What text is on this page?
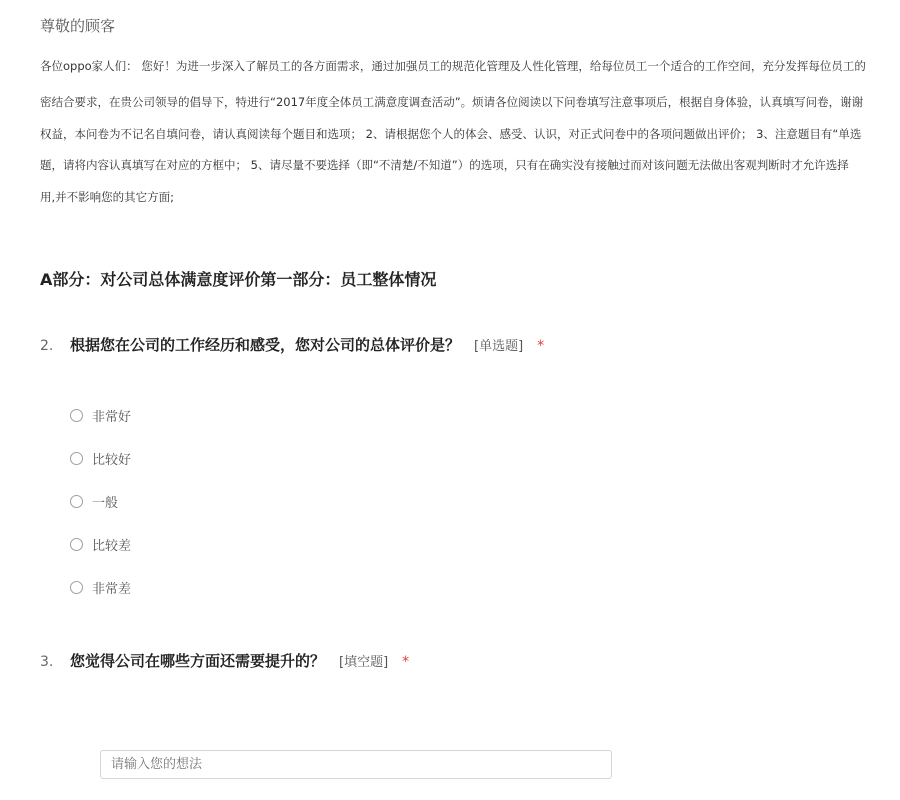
尊敬的顾客
各位oppo家人们： 您好！为进一步深入了解员工的各方面需求，通过加强员工的规范化管理及人性化管理，给每位员工一个适合的工作空间，充分发挥每位员工的
密结合要求，在贵公司领导的倡导下，特进行“2017年度全体员工满意度调查活动”。烦请各位阅读以下问卷填写注意事项后，根据自身体验，认真填写问卷，谢谢
权益，本问卷为不记名自填问卷，请认真阅读每个题目和选项； 2、请根据您个人的体会、感受、认识，对正式问卷中的各项问题做出评价； 3、注意题目有“单选
题，请将内容认真填写在对应的方框中； 5、请尽量不要选择（即“不清楚/不知道”）的选项，只有在确实没有接触过而对该问题无法做出客观判断时才允许选择
用,并不影响您的其它方面;
A部分：对公司总体满意度评价第一部分：员工整体情况
2.	根据您在公司的工作经历和感受，您对公司的总体评价是？ [单选题] *
非常好
比较好
一般
比较差
非常差
3.	您觉得公司在哪些方面还需要提升的？ [填空题] *
请输入您的想法
